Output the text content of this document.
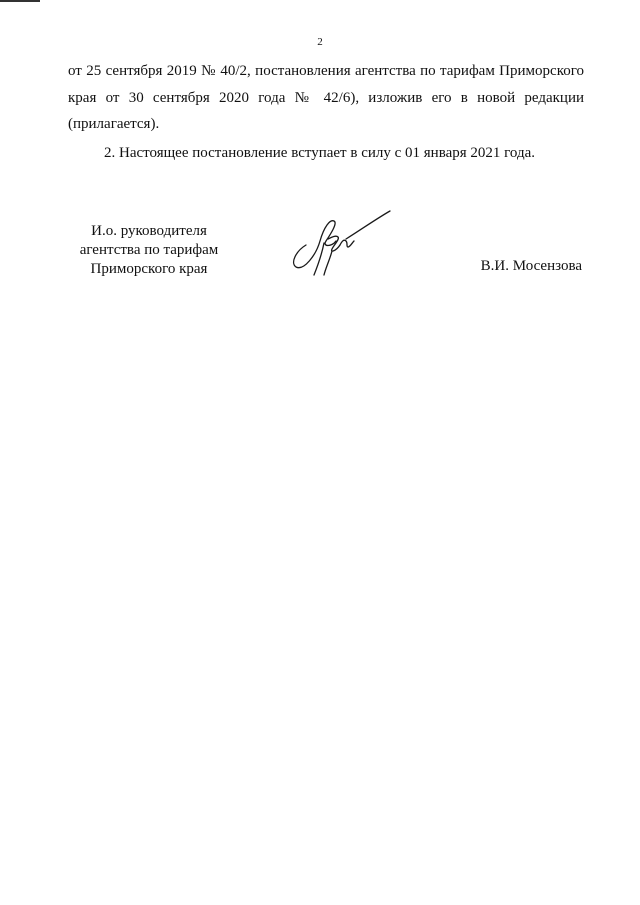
2

от 25 сентября 2019 № 40/2, постановления агентства по тарифам Приморского края от 30 сентября 2020 года № 42/6), изложив его в новой редакции (прилагается).

2. Настоящее постановление вступает в силу с 01 января 2021 года.

И.о. руководителя
агентства по тарифам
Приморского края	В.И. Мосензова
